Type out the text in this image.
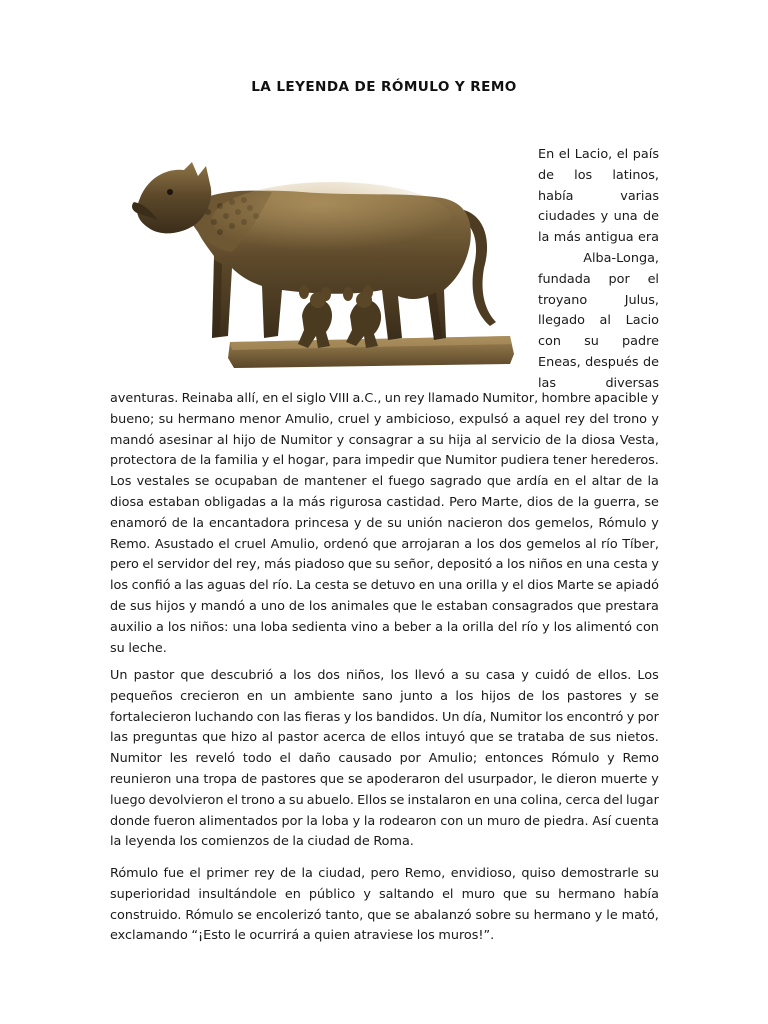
LA LEYENDA DE RÓMULO Y REMO
En el Lacio, el país
de los latinos,
había	varias
ciudades y una de
la más antigua era
Alba-Longa,
fundada por el
troyano	Julus,
llegado al Lacio
con su padre
Eneas, después de
las	diversas
aventuras. Reinaba allí, en el siglo VIII a.C., un rey llamado Numitor, hombre apacible y
bueno; su hermano menor Amulio, cruel y ambicioso, expulsó a aquel rey del trono y
mandó asesinar al hijo de Numitor y consagrar a su hija al servicio de la diosa Vesta,
protectora de la familia y el hogar, para impedir que Numitor pudiera tener herederos.
Los vestales se ocupaban de mantener el fuego sagrado que ardía en el altar de la
diosa estaban obligadas a la más rigurosa castidad. Pero Marte, dios de la guerra, se
enamoró de la encantadora princesa y de su unión nacieron dos gemelos, Rómulo y
Remo. Asustado el cruel Amulio, ordenó que arrojaran a los dos gemelos al río Tíber,
pero el servidor del rey, más piadoso que su señor, depositó a los niños en una cesta y
los confió a las aguas del río. La cesta se detuvo en una orilla y el dios Marte se apiadó
de sus hijos y mandó a uno de los animales que le estaban consagrados que prestara
auxilio a los niños: una loba sedienta vino a beber a la orilla del río y los alimentó con
su leche.
Un pastor que descubrió a los dos niños, los llevó a su casa y cuidó de ellos. Los
pequeños crecieron en un ambiente sano junto a los hijos de los pastores y se
fortalecieron luchando con las fieras y los bandidos. Un día, Numitor los encontró y por
las preguntas que hizo al pastor acerca de ellos intuyó que se trataba de sus nietos.
Numitor les reveló todo el daño causado por Amulio; entonces Rómulo y Remo
reunieron una tropa de pastores que se apoderaron del usurpador, le dieron muerte y
luego devolvieron el trono a su abuelo. Ellos se instalaron en una colina, cerca del lugar
donde fueron alimentados por la loba y la rodearon con un muro de piedra. Así cuenta
la leyenda los comienzos de la ciudad de Roma.
Rómulo fue el primer rey de la ciudad, pero Remo, envidioso, quiso demostrarle su
superioridad insultándole en público y saltando el muro que su hermano había
construido. Rómulo se encolerizó tanto, que se abalanzó sobre su hermano y le mató,
exclamando “¡Esto le ocurrirá a quien atraviese los muros!”.
